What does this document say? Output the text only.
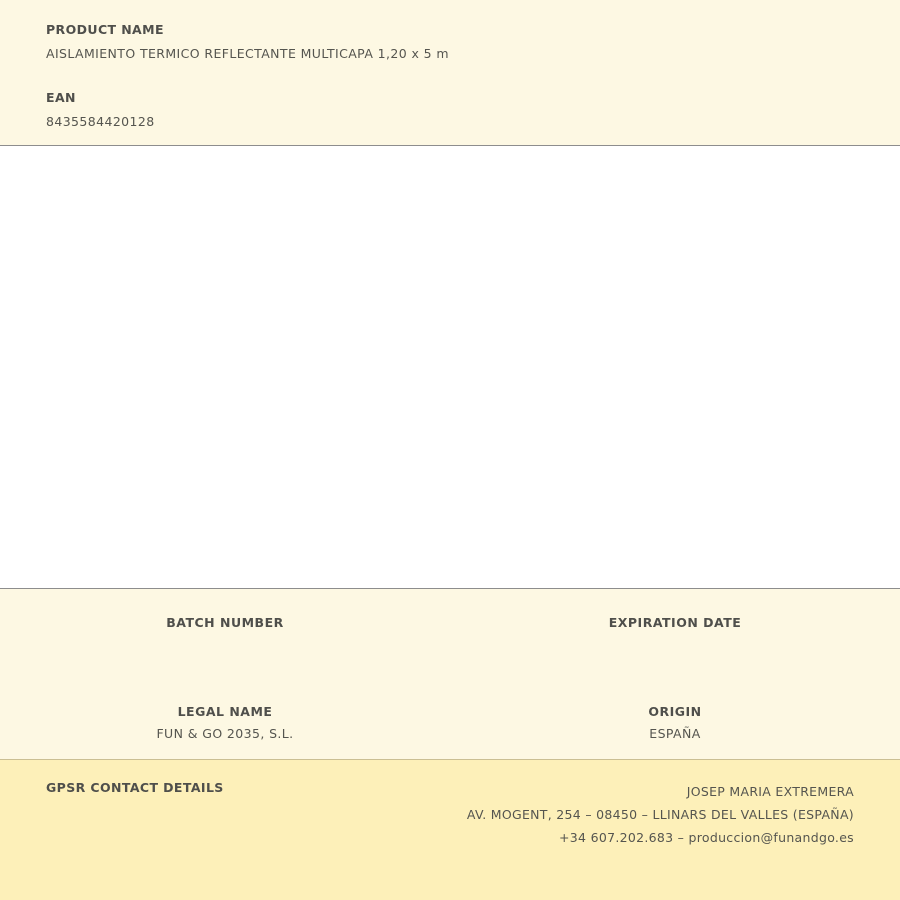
PRODUCT NAME

AISLAMIENTO TERMICO REFLECTANTE MULTICAPA 1,20 x 5 m

EAN

8435584420128

BATCH NUMBER	EXPIRATION DATE

LEGAL NAME

FUN & GO 2035, S.L.

ORIGIN

ESPAÑA

GPSR CONTACT DETAILS	JOSEP MARIA EXTREMERA
AV. MOGENT, 254 – 08450 – LLINARS DEL VALLES (ESPAÑA)
+34 607.202.683 – produccion@funandgo.es
